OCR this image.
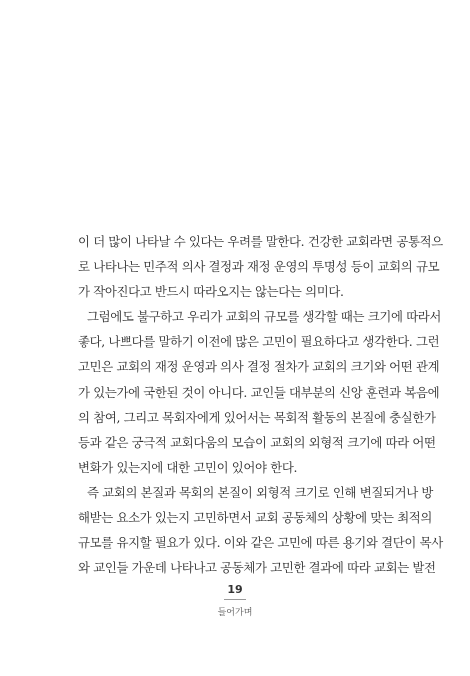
이 더 많이 나타날 수 있다는 우려를 말한다. 건강한 교회라면 공통적으
로 나타나는 민주적 의사 결정과 재정 운영의 투명성 등이 교회의 규모
가 작아진다고 반드시 따라오지는 않는다는 의미다.
그럼에도 불구하고 우리가 교회의 규모를 생각할 때는 크기에 따라서
좋다, 나쁘다를 말하기 이전에 많은 고민이 필요하다고 생각한다. 그런
고민은 교회의 재정 운영과 의사 결정 절차가 교회의 크기와 어떤 관계
가 있는가에 국한된 것이 아니다. 교인들 대부분의 신앙 훈련과 복음에
의 참여, 그리고 목회자에게 있어서는 목회적 활동의 본질에 충실한가
등과 같은 궁극적 교회다움의 모습이 교회의 외형적 크기에 따라 어떤
변화가 있는지에 대한 고민이 있어야 한다.
즉 교회의 본질과 목회의 본질이 외형적 크기로 인해 변질되거나 방
해받는 요소가 있는지 고민하면서 교회 공동체의 상황에 맞는 최적의
규모를 유지할 필요가 있다. 이와 같은 고민에 따른 용기와 결단이 목사
와 교인들 가운데 나타나고 공동체가 고민한 결과에 따라 교회는 발전
19
들어가며
